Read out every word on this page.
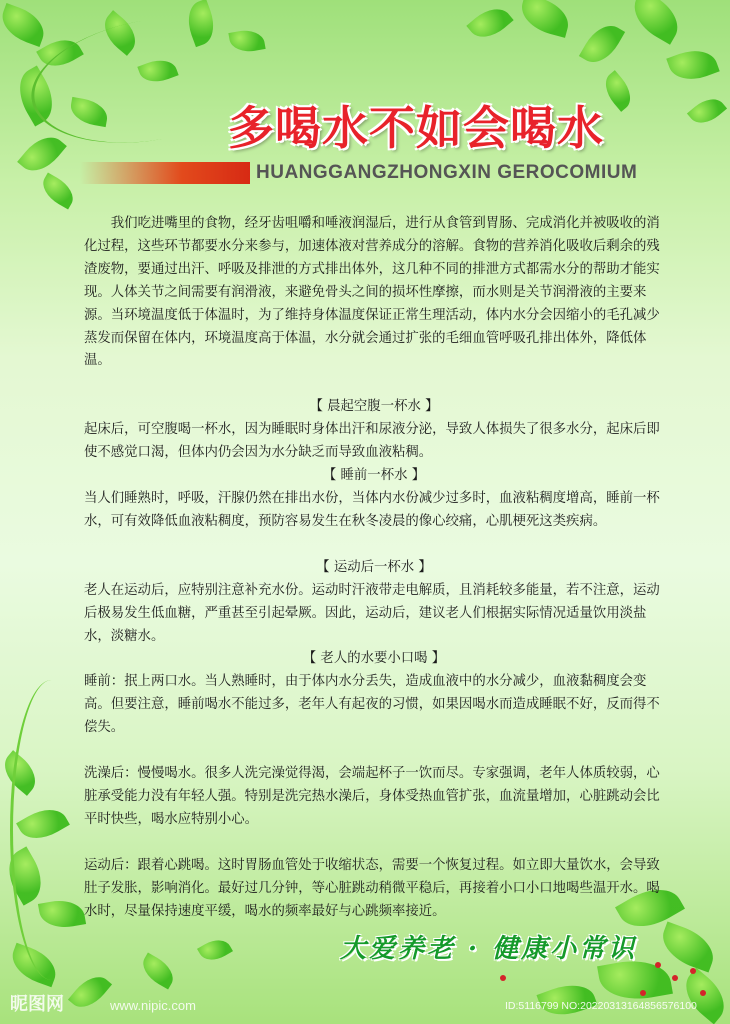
多喝水不如会喝水
HUANGGANGZHONGXIN GEROCOMIUM

我们吃进嘴里的食物，经牙齿咀嚼和唾液润湿后，进行从食管到胃肠、完成消化并被吸收的消化过程，这些环节都要水分来参与，加速体液对营养成分的溶解。食物的营养消化吸收后剩余的残渣废物，要通过出汗、呼吸及排泄的方式排出体外，这几种不同的排泄方式都需水分的帮助才能实现。人体关节之间需要有润滑液，来避免骨头之间的损坏性摩擦，而水则是关节润滑液的主要来源。当环境温度低于体温时，为了维持身体温度保证正常生理活动，体内水分会因缩小的毛孔减少蒸发而保留在体内，环境温度高于体温，水分就会通过扩张的毛细血管呼吸孔排出体外，降低体温。

【 晨起空腹一杯水 】

起床后，可空腹喝一杯水，因为睡眠时身体出汗和尿液分泌，导致人体损失了很多水分，起床后即使不感觉口渴，但体内仍会因为水分缺乏而导致血液粘稠。

【 睡前一杯水 】

当人们睡熟时，呼吸，汗腺仍然在排出水份，当体内水份减少过多时，血液粘稠度增高，睡前一杯水，可有效降低血液粘稠度，预防容易发生在秋冬凌晨的像心绞痛，心肌梗死这类疾病。

【 运动后一杯水 】

老人在运动后，应特别注意补充水份。运动时汗液带走电解质，且消耗较多能量，若不注意，运动后极易发生低血糖，严重甚至引起晕厥。因此，运动后，建议老人们根据实际情况适量饮用淡盐水，淡糖水。

【 老人的水要小口喝 】

睡前：抿上两口水。当人熟睡时，由于体内水分丢失，造成血液中的水分减少，血液黏稠度会变高。但要注意，睡前喝水不能过多，老年人有起夜的习惯，如果因喝水而造成睡眠不好，反而得不偿失。

洗澡后：慢慢喝水。很多人洗完澡觉得渴，会端起杯子一饮而尽。专家强调，老年人体质较弱，心脏承受能力没有年轻人强。特别是洗完热水澡后，身体受热血管扩张，血流量增加，心脏跳动会比平时快些，喝水应特别小心。

运动后：跟着心跳喝。这时胃肠血管处于收缩状态，需要一个恢复过程。如立即大量饮水，会导致肚子发胀，影响消化。最好过几分钟，等心脏跳动稍微平稳后，再接着小口小口地喝些温开水。喝水时，尽量保持速度平缓，喝水的频率最好与心跳频率接近。

大爱养老 · 健康小常识
昵图网	www.nipic.com	ID:5116799 NO:20220313164856576100
